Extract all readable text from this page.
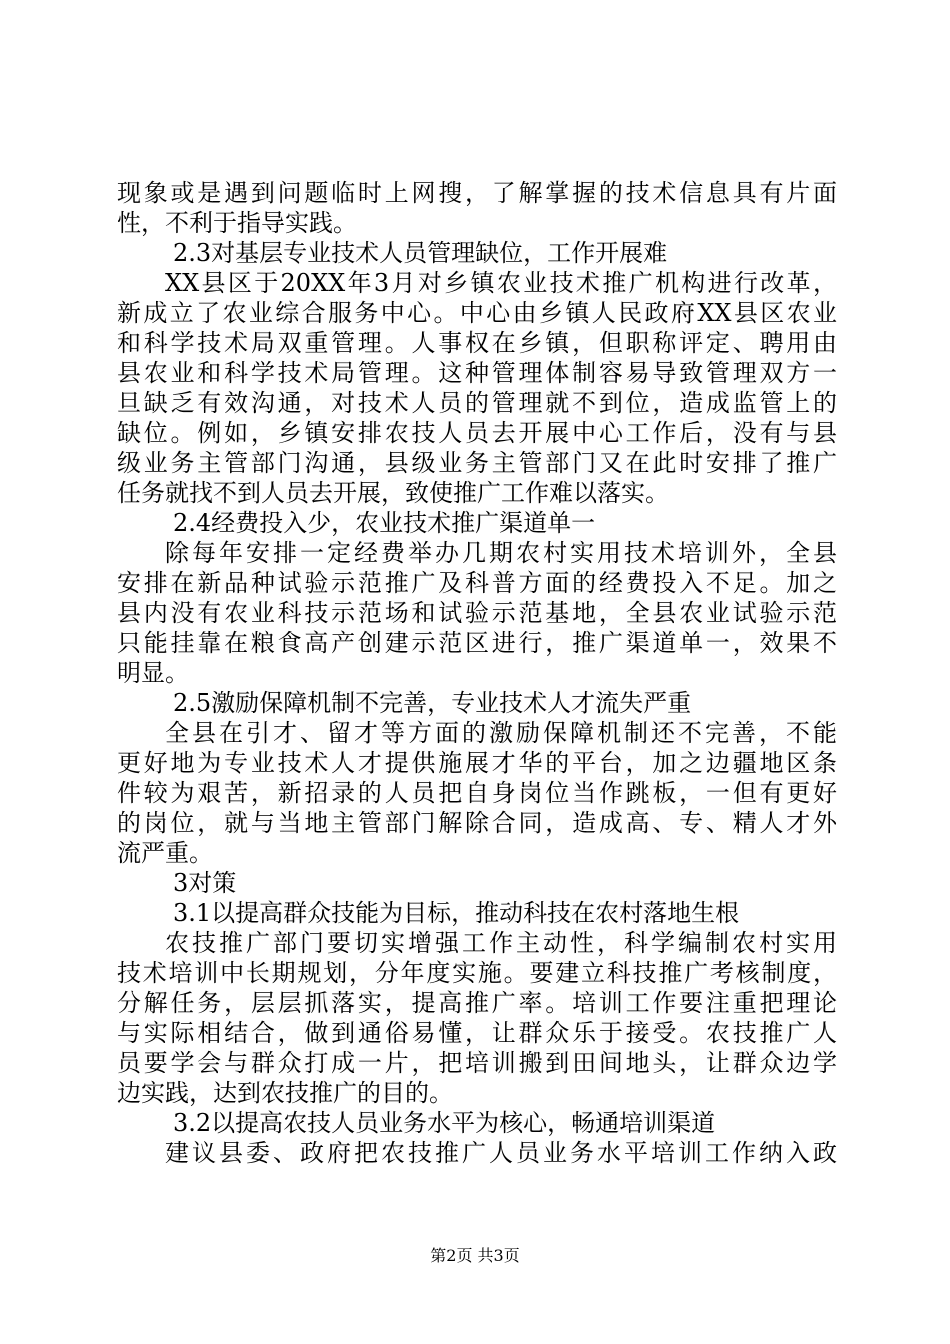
现象或是遇到问题临时上网搜，了解掌握的技术信息具有片面
性，不利于指导实践。
2.3对基层专业技术人员管理缺位，工作开展难
XX县区于20XX年3月对乡镇农业技术推广机构进行改革，
新成立了农业综合服务中心。中心由乡镇人民政府XX县区农业
和科学技术局双重管理。人事权在乡镇，但职称评定、聘用由
县农业和科学技术局管理。这种管理体制容易导致管理双方一
旦缺乏有效沟通，对技术人员的管理就不到位，造成监管上的
缺位。例如，乡镇安排农技人员去开展中心工作后，没有与县
级业务主管部门沟通，县级业务主管部门又在此时安排了推广
任务就找不到人员去开展，致使推广工作难以落实。
2.4经费投入少，农业技术推广渠道单一
除每年安排一定经费举办几期农村实用技术培训外，全县
安排在新品种试验示范推广及科普方面的经费投入不足。加之
县内没有农业科技示范场和试验示范基地，全县农业试验示范
只能挂靠在粮食高产创建示范区进行，推广渠道单一，效果不
明显。
2.5激励保障机制不完善，专业技术人才流失严重
全县在引才、留才等方面的激励保障机制还不完善，不能
更好地为专业技术人才提供施展才华的平台，加之边疆地区条
件较为艰苦，新招录的人员把自身岗位当作跳板，一但有更好
的岗位，就与当地主管部门解除合同，造成高、专、精人才外
流严重。
3对策
3.1以提高群众技能为目标，推动科技在农村落地生根
农技推广部门要切实增强工作主动性，科学编制农村实用
技术培训中长期规划，分年度实施。要建立科技推广考核制度，
分解任务，层层抓落实，提高推广率。培训工作要注重把理论
与实际相结合，做到通俗易懂，让群众乐于接受。农技推广人
员要学会与群众打成一片，把培训搬到田间地头，让群众边学
边实践，达到农技推广的目的。
3.2以提高农技人员业务水平为核心，畅通培训渠道
建议县委、政府把农技推广人员业务水平培训工作纳入政
第2页 共3页
